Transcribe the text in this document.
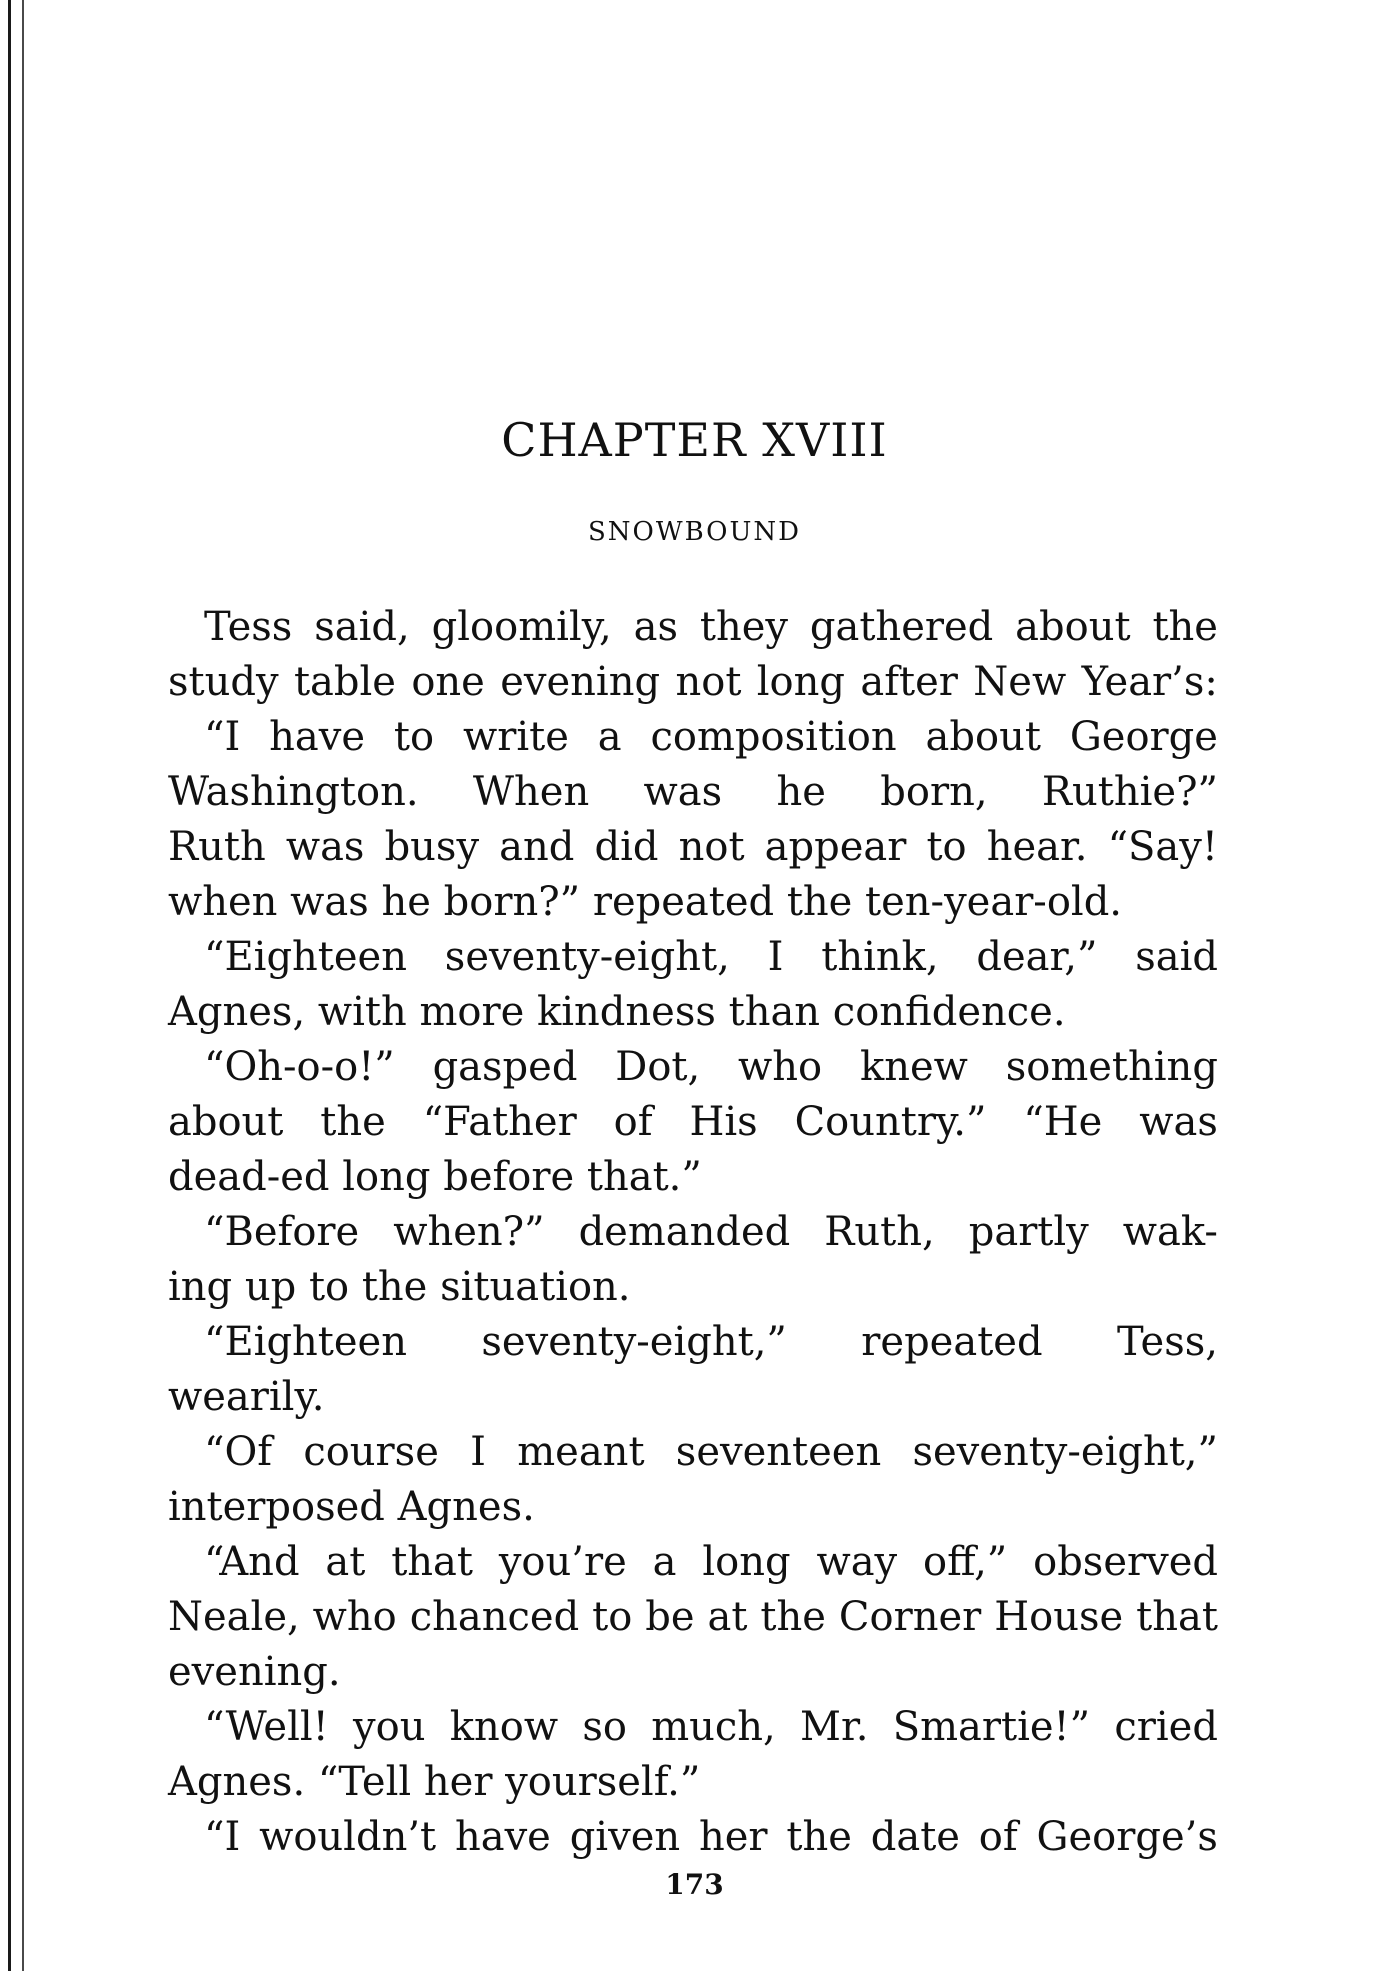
CHAPTER XVIII
SNOWBOUND
Tess said, gloomily, as they gathered about the
study table one evening not long after New Year’s:
“I have to write a composition about George
Washington. When was he born, Ruthie?”
Ruth was busy and did not appear to hear. “Say!
when was he born?” repeated the ten-year-old.
“Eighteen seventy-eight, I think, dear,” said
Agnes, with more kindness than confidence.
“Oh-o-o!” gasped Dot, who knew something
about the “Father of His Country.” “He was
dead-ed long before that.”
“Before when?” demanded Ruth, partly wak-
ing up to the situation.
“Eighteen seventy-eight,” repeated Tess,
wearily.
“Of course I meant seventeen seventy-eight,”
interposed Agnes.
“And at that you’re a long way off,” observed
Neale, who chanced to be at the Corner House that
evening.
“Well! you know so much, Mr. Smartie!” cried
Agnes. “Tell her yourself.”
“I wouldn’t have given her the date of George’s
173
